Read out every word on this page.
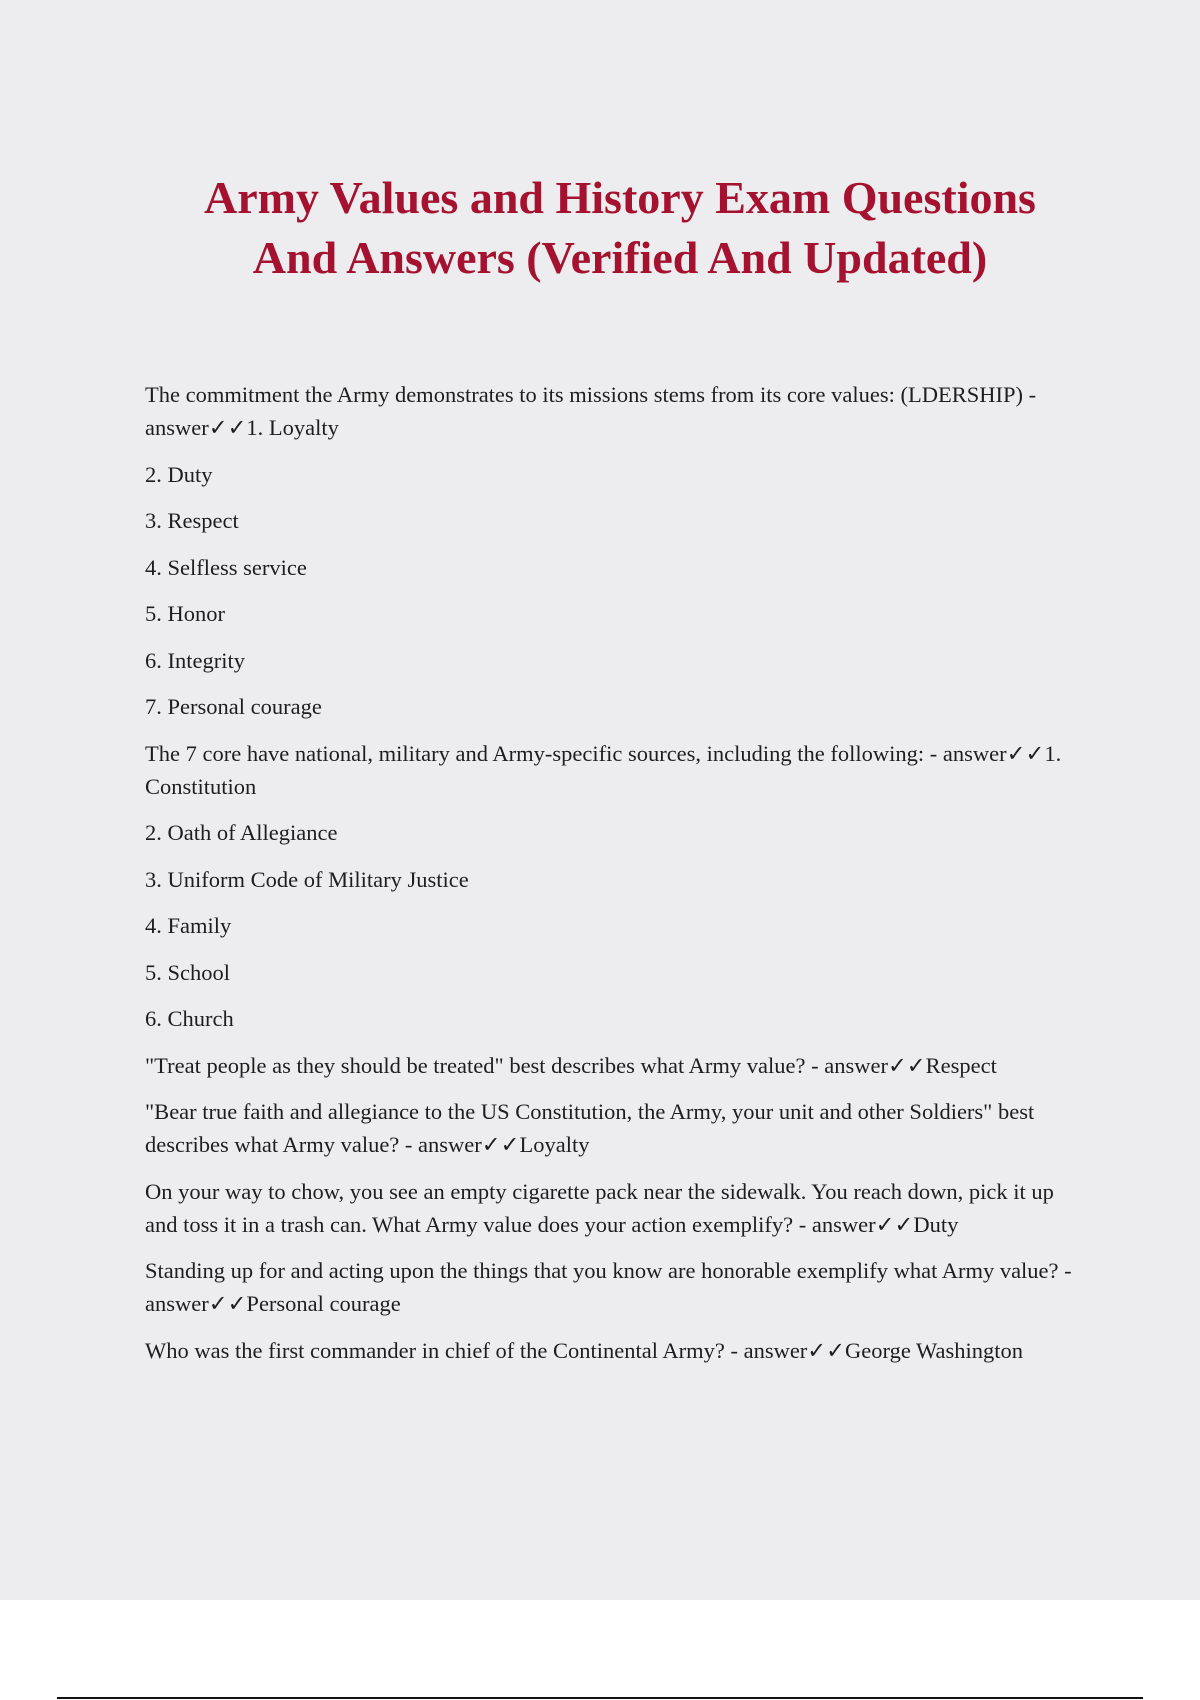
Army Values and History Exam Questions
And Answers (Verified And Updated)

The commitment the Army demonstrates to its missions stems from its core values: (LDERSHIP) - answer✓✓1. Loyalty

2. Duty

3. Respect

4. Selfless service

5. Honor

6. Integrity

7. Personal courage

The 7 core have national, military and Army-specific sources, including the following: - answer✓✓1. Constitution

2. Oath of Allegiance

3. Uniform Code of Military Justice

4. Family

5. School

6. Church

"Treat people as they should be treated" best describes what Army value? - answer✓✓Respect

"Bear true faith and allegiance to the US Constitution, the Army, your unit and other Soldiers" best describes what Army value? - answer✓✓Loyalty

On your way to chow, you see an empty cigarette pack near the sidewalk. You reach down, pick it up and toss it in a trash can. What Army value does your action exemplify? - answer✓✓Duty

Standing up for and acting upon the things that you know are honorable exemplify what Army value? - answer✓✓Personal courage

Who was the first commander in chief of the Continental Army? - answer✓✓George Washington
